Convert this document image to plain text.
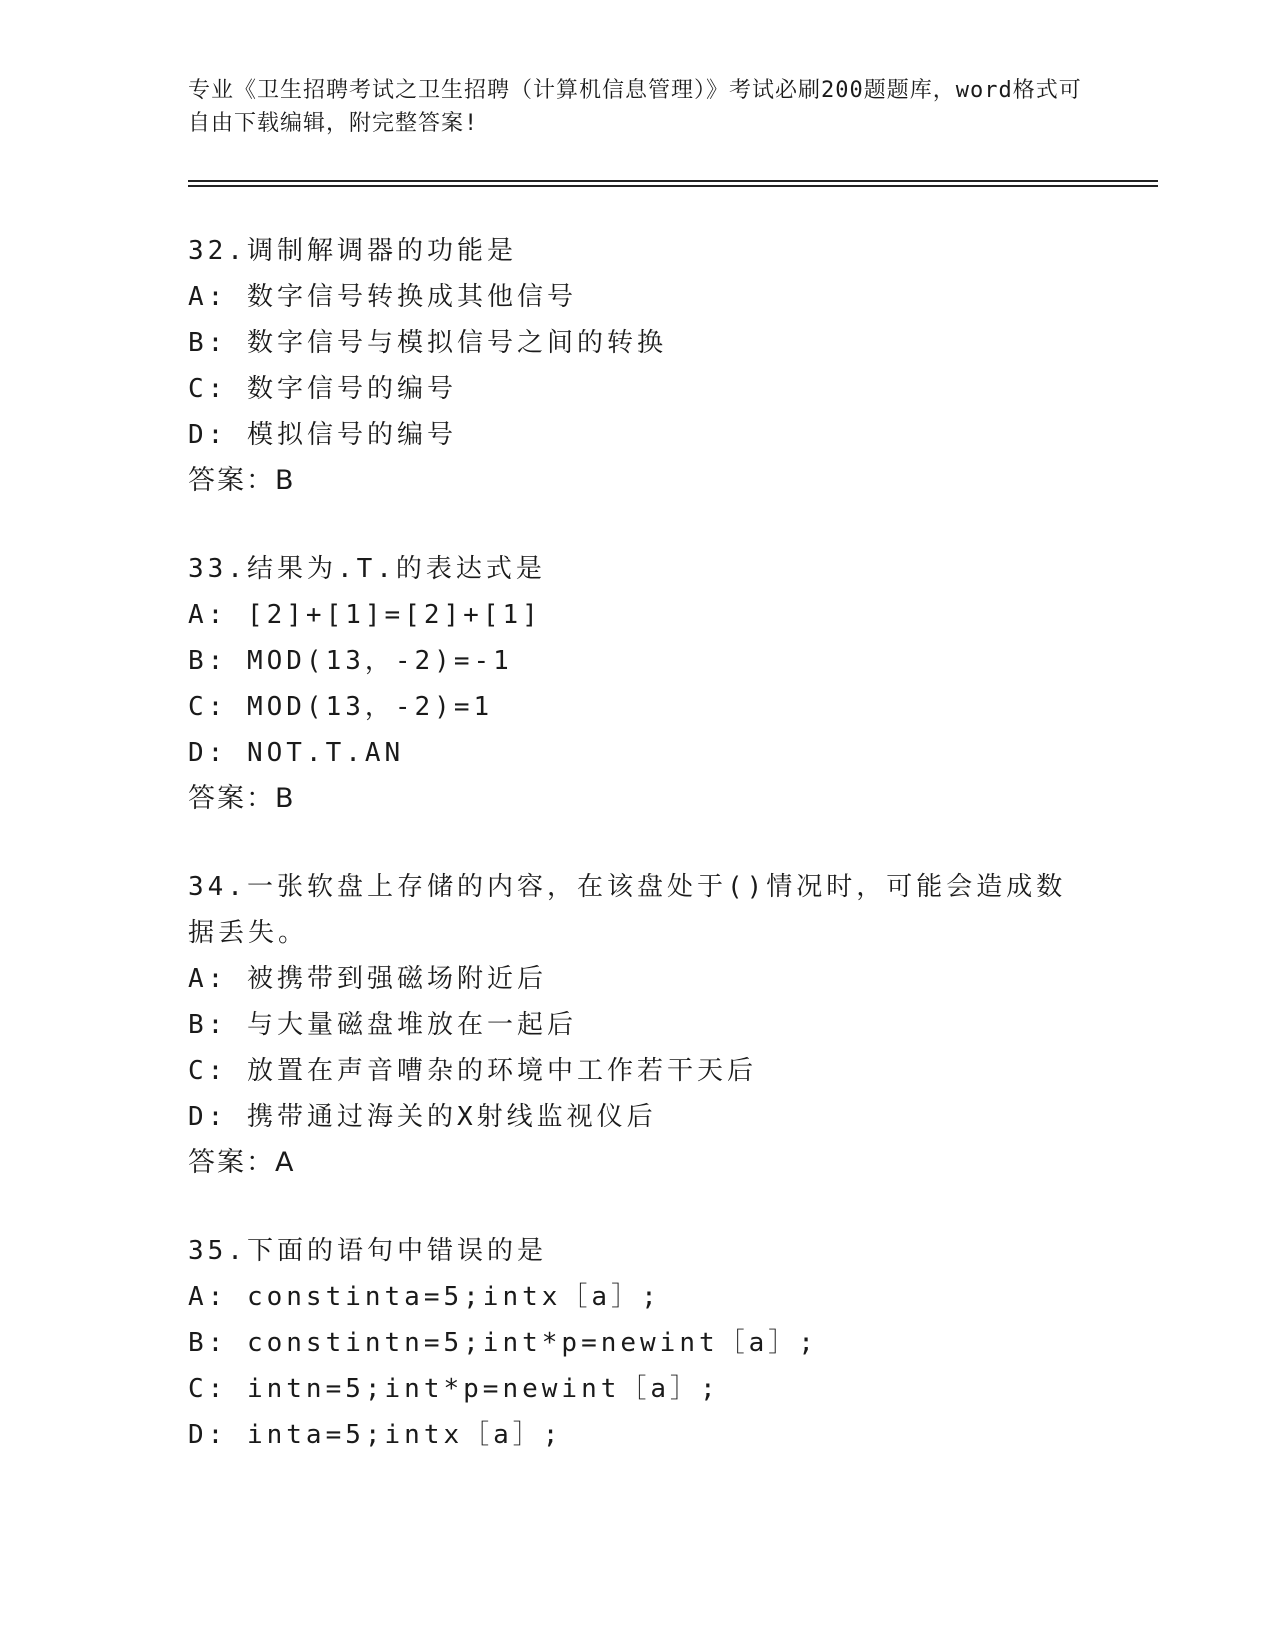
专业《卫生招聘考试之卫生招聘（计算机信息管理）》考试必刷200题题库，word格式可自由下载编辑，附完整答案!
32.调制解调器的功能是
A: 数字信号转换成其他信号
B: 数字信号与模拟信号之间的转换
C: 数字信号的编号
D: 模拟信号的编号
答案：B
33.结果为.T.的表达式是
A: [2]+[1]=[2]+[1]
B: MOD(13，-2)=-1
C: MOD(13，-2)=1
D: NOT.T.AN
答案：B
34.一张软盘上存储的内容，在该盘处于()情况时，可能会造成数据丢失。
A: 被携带到强磁场附近后
B: 与大量磁盘堆放在一起后
C: 放置在声音嘈杂的环境中工作若干天后
D: 携带通过海关的X射线监视仪后
答案：A
35.下面的语句中错误的是
A: constinta=5;intx［a］;
B: constintn=5;int*p=newint［a］;
C: intn=5;int*p=newint［a］;
D: inta=5;intx［a］;
